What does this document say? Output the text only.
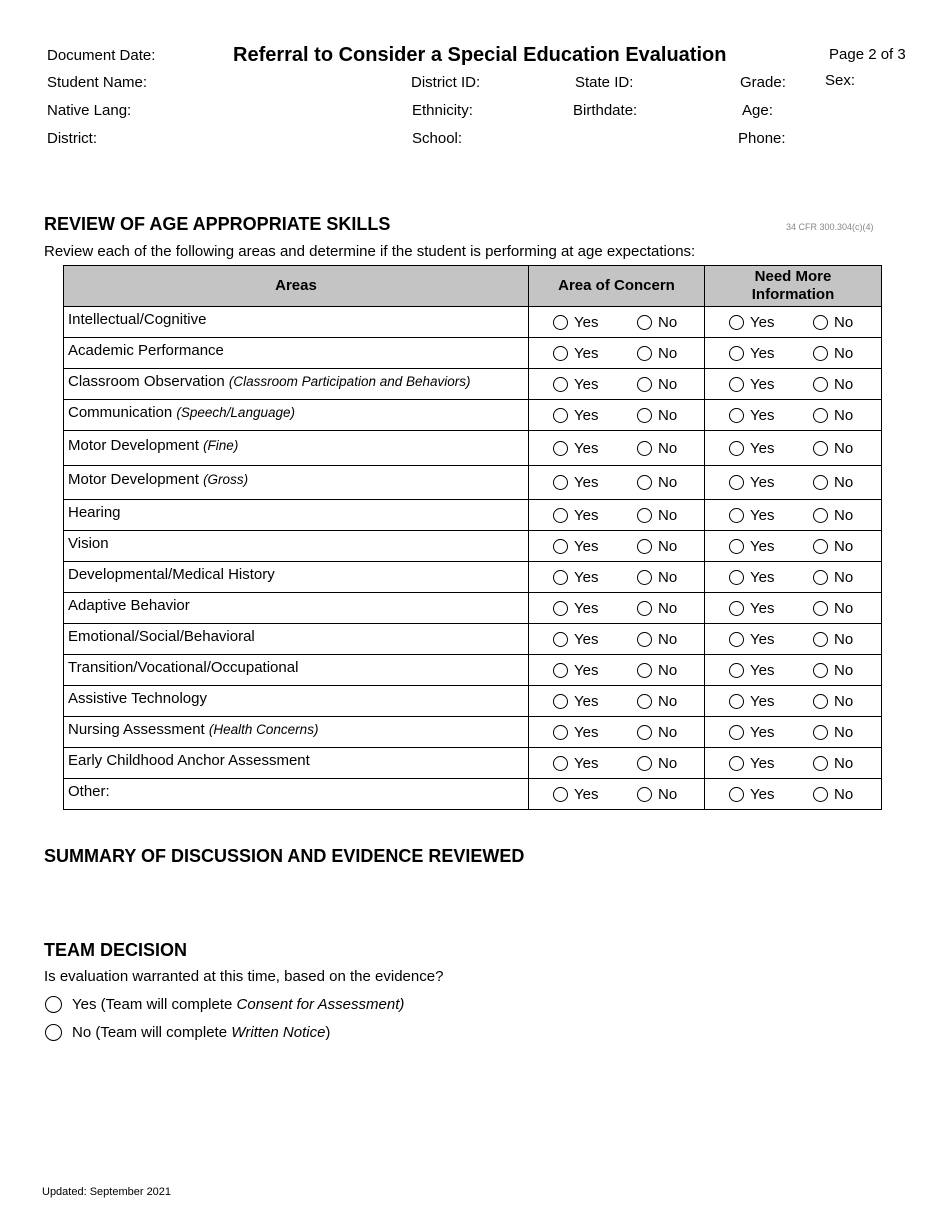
Document Date:	Referral to Consider a Special Education Evaluation	Page 2 of 3
Student Name:	District ID:	State ID:	Grade:	Sex:
Native Lang:	Ethnicity:	Birthdate:	Age:
District:	School:	Phone:
REVIEW OF AGE APPROPRIATE SKILLS	34 CFR 300.304(c)(4)
Review each of the following areas and determine if the student is performing at age expectations:
Areas	Area of Concern	Need More
Information
Intellectual/Cognitive	Yes No	Yes No

Academic Performance	Yes No	Yes No

Classroom Observation (Classroom Participation and Behaviors)	Yes No	Yes No

Communication (Speech/Language)	Yes No	Yes No

Motor Development (Fine)	Yes No	Yes No

Motor Development (Gross)	Yes No	Yes No

Hearing	Yes No	Yes No

Vision	Yes No	Yes No

Developmental/Medical History	Yes No	Yes No

Adaptive Behavior	Yes No	Yes No

Emotional/Social/Behavioral	Yes No	Yes No

Transition/Vocational/Occupational	Yes No	Yes No

Assistive Technology	Yes No	Yes No

Nursing Assessment (Health Concerns)	Yes No	Yes No

Early Childhood Anchor Assessment	Yes No	Yes No

Other:	Yes No	Yes No
SUMMARY OF DISCUSSION AND EVIDENCE REVIEWED
TEAM DECISION
Is evaluation warranted at this time, based on the evidence?
Yes (Team will complete Consent for Assessment)
No (Team will complete Written Notice)
Updated: September 2021
